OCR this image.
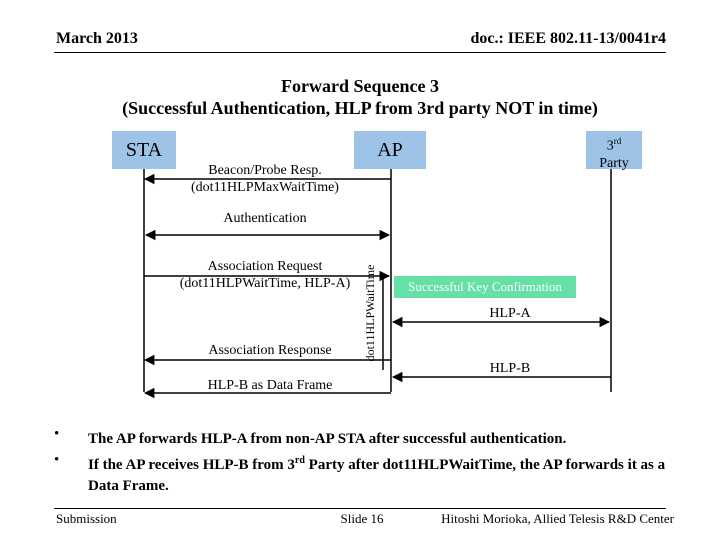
March 2013	doc.: IEEE 802.11-13/0041r4
Forward Sequence 3
(Successful Authentication, HLP from 3rd party NOT in time)
STA	AP	3rd
Party
Beacon/Probe Resp.
(dot11HLPMaxWaitTime)
Authentication
Association Request
(dot11HLPWaitTime, HLP-A)	dot11HLPWaitTime	Successful Key Confirmation
HLP-A
Association Response
HLP-B
HLP-B as Data Frame
•	The AP forwards HLP-A from non-AP STA after successful authentication.
•	If the AP receives HLP-B from 3rd Party after dot11HLPWaitTime, the AP forwards it as a Data Frame.
Submission	Slide 16	Hitoshi Morioka, Allied Telesis R&D Center
